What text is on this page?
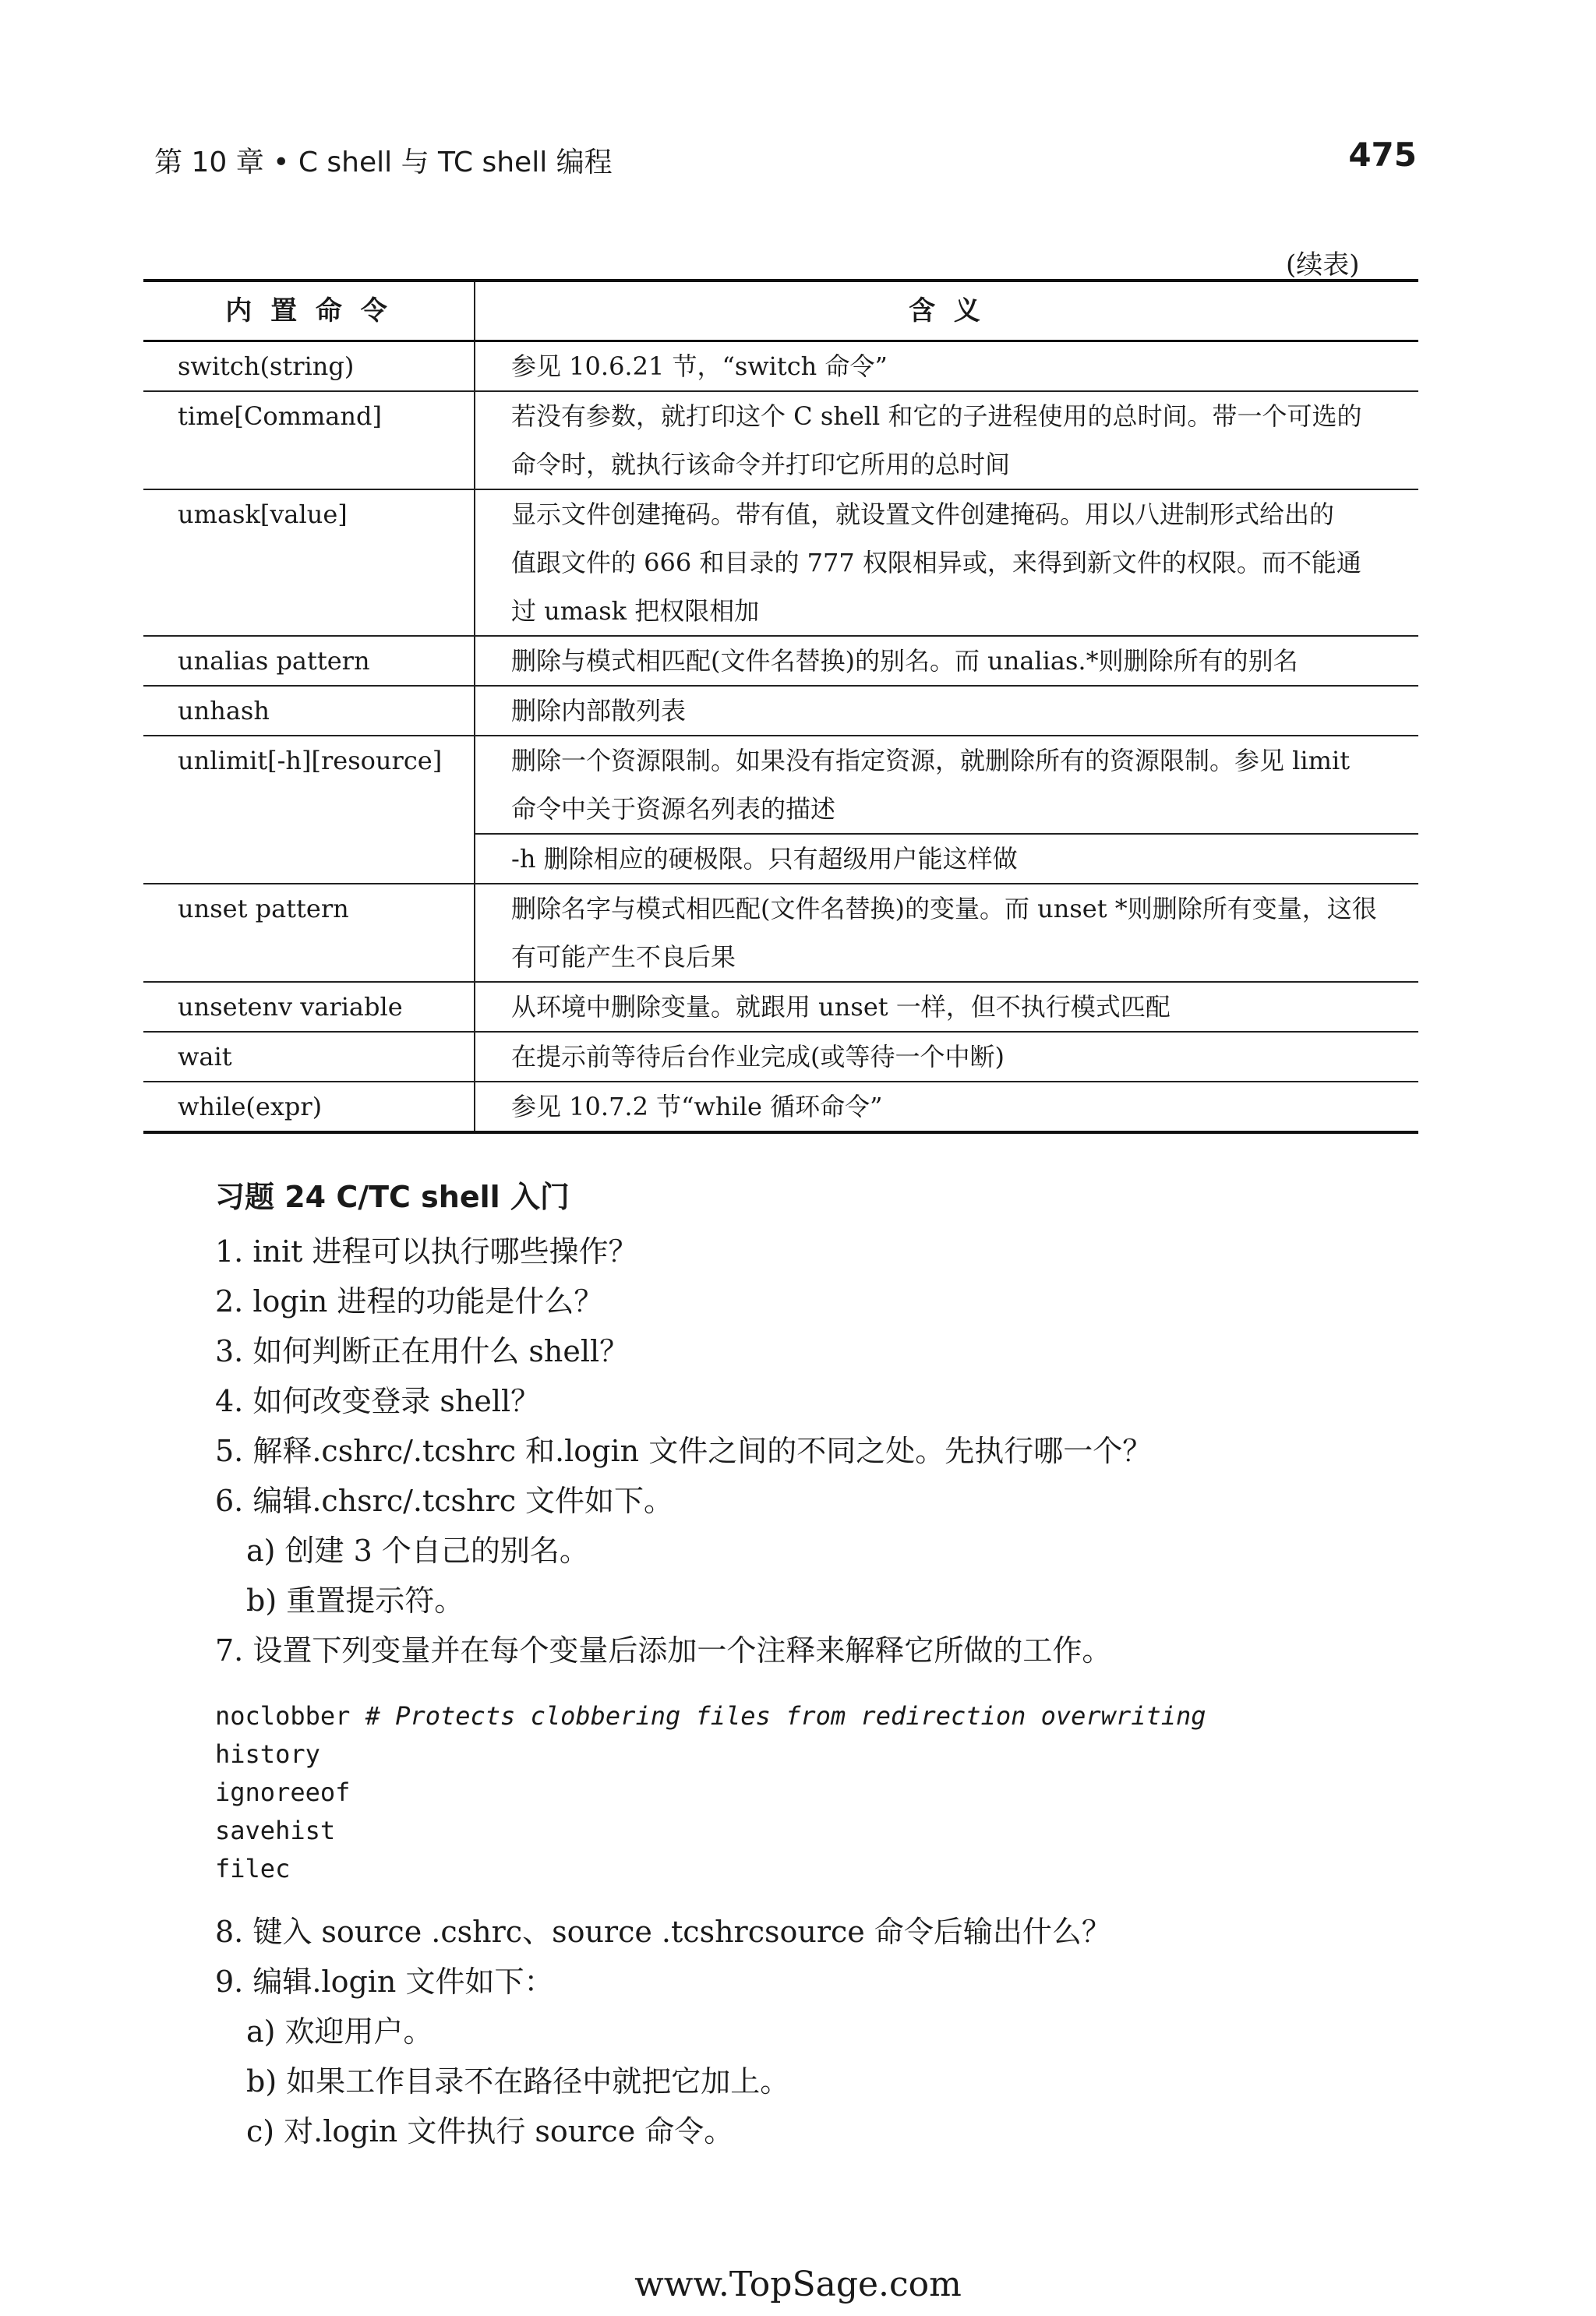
第 10 章 • C shell 与 TC shell 编程	475
(续表)
内 置 命 令	含 义
switch(string)	参见 10.6.21 节，“switch 命令”

time[Command]	若没有参数，就打印这个 C shell 和它的子进程使用的总时间。带一个可选的
命令时，就执行该命令并打印它所用的总时间

umask[value]	显示文件创建掩码。带有值，就设置文件创建掩码。用以八进制形式给出的
值跟文件的 666 和目录的 777 权限相异或，来得到新文件的权限。而不能通
过 umask 把权限相加

unalias pattern	删除与模式相匹配(文件名替换)的别名。而 unalias.*则删除所有的别名

unhash	删除内部散列表

unlimit[-h][resource]	删除一个资源限制。如果没有指定资源，就删除所有的资源限制。参见 limit
命令中关于资源名列表的描述

	-h 删除相应的硬极限。只有超级用户能这样做

unset pattern	删除名字与模式相匹配(文件名替换)的变量。而 unset *则删除所有变量，这很
有可能产生不良后果

unsetenv variable	从环境中删除变量。就跟用 unset 一样，但不执行模式匹配

wait	在提示前等待后台作业完成(或等待一个中断)

while(expr)	参见 10.7.2 节“while 循环命令”
习题 24 C/TC shell 入门
1. init 进程可以执行哪些操作？
2. login 进程的功能是什么？
3. 如何判断正在用什么 shell？
4. 如何改变登录 shell？
5. 解释.cshrc/.tcshrc 和.login 文件之间的不同之处。先执行哪一个？
6. 编辑.chsrc/.tcshrc 文件如下。
a) 创建 3 个自己的别名。
b) 重置提示符。
7. 设置下列变量并在每个变量后添加一个注释来解释它所做的工作。
noclobber # Protects clobbering files from redirection overwriting
history
ignoreeof
savehist
filec
8. 键入 source .cshrc、source .tcshrcsource 命令后输出什么？
9. 编辑.login 文件如下：
a) 欢迎用户。
b) 如果工作目录不在路径中就把它加上。
c) 对.login 文件执行 source 命令。
www.TopSage.com
